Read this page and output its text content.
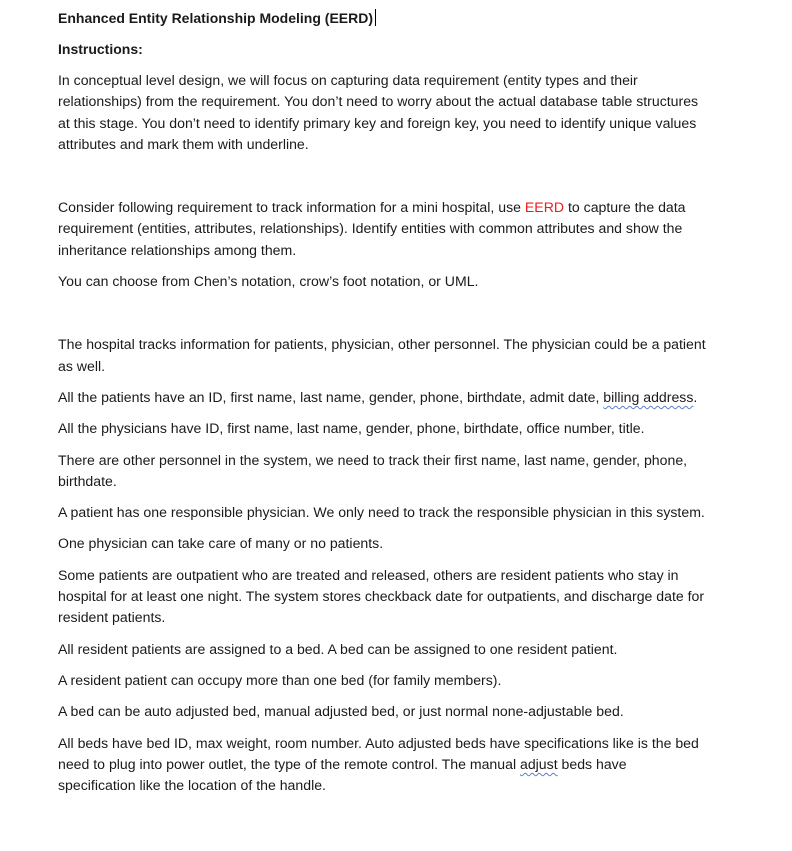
Enhanced Entity Relationship Modeling (EERD)
Instructions:

In conceptual level design, we will focus on capturing data requirement (entity types and their relationships) from the requirement. You don’t need to worry about the actual database table structures at this stage. You don’t need to identify primary key and foreign key, you need to identify unique values attributes and mark them with underline.

Consider following requirement to track information for a mini hospital, use EERD to capture the data requirement (entities, attributes, relationships). Identify entities with common attributes and show the inheritance relationships among them.

You can choose from Chen’s notation, crow’s foot notation, or UML.

The hospital tracks information for patients, physician, other personnel. The physician could be a patient as well.

All the patients have an ID, first name, last name, gender, phone, birthdate, admit date, billing address.

All the physicians have ID, first name, last name, gender, phone, birthdate, office number, title.

There are other personnel in the system, we need to track their first name, last name, gender, phone, birthdate.

A patient has one responsible physician. We only need to track the responsible physician in this system.

One physician can take care of many or no patients.

Some patients are outpatient who are treated and released, others are resident patients who stay in hospital for at least one night. The system stores checkback date for outpatients, and discharge date for resident patients.

All resident patients are assigned to a bed. A bed can be assigned to one resident patient.

A resident patient can occupy more than one bed (for family members).

A bed can be auto adjusted bed, manual adjusted bed, or just normal none-adjustable bed.

All beds have bed ID, max weight, room number. Auto adjusted beds have specifications like is the bed need to plug into power outlet, the type of the remote control. The manual adjust beds have specification like the location of the handle.
